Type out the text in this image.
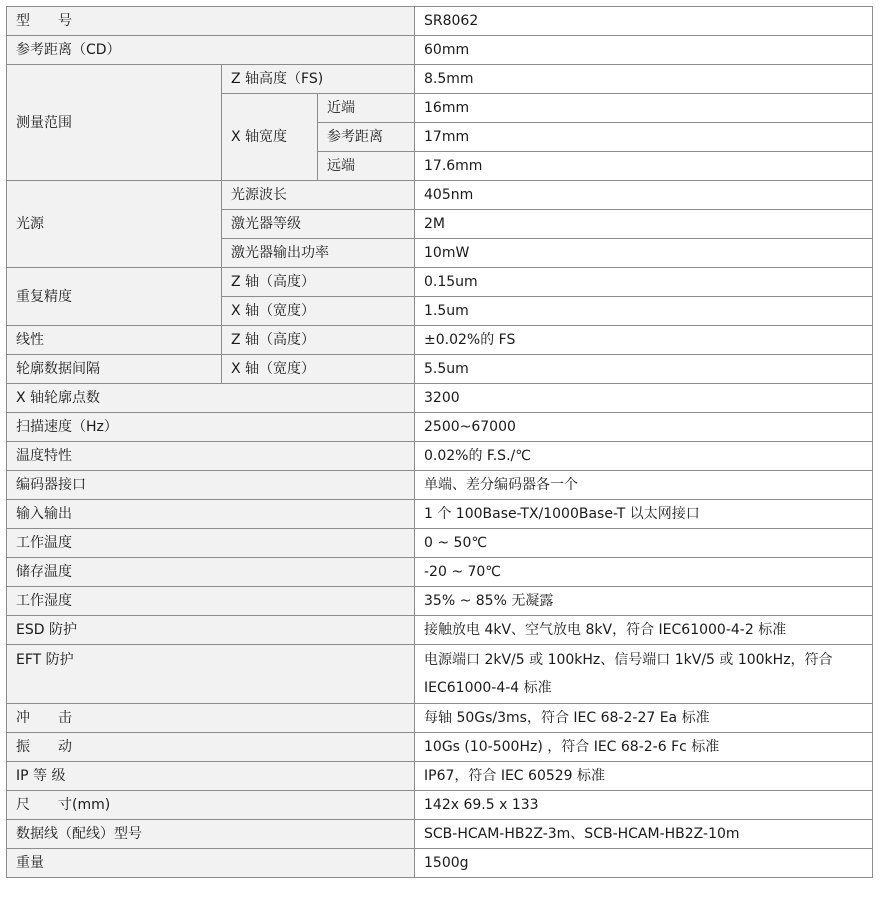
型　　号			SR8062
参考距离（CD）			60mm
测量范围	Z 轴高度（FS)		8.5mm
	X 轴宽度	近端	16mm
		参考距离	17mm
		远端	17.6mm
光源	光源波长		405nm
	激光器等级		2M
	激光器输出功率		10mW
重复精度	Z 轴（高度）		0.15um
	X 轴（宽度）		1.5um
线性	Z 轴（高度）		±0.02%的 FS
轮廓数据间隔	X 轴（宽度）		5.5um
X 轴轮廓点数			3200
扫描速度（Hz）			2500~67000
温度特性			0.02%的 F.S./℃
编码器接口			单端、差分编码器各一个
输入输出			1 个 100Base-TX/1000Base-T 以太网接口
工作温度			0 ~ 50℃
储存温度			-20 ~ 70℃
工作湿度			35% ~ 85% 无凝露
ESD 防护			接触放电 4kV、空气放电 8kV，符合 IEC61000-4-2 标准
EFT 防护			电源端口 2kV/5 或 100kHz、信号端口 1kV/5 或 100kHz，符合 IEC61000-4-4 标准
冲　　击			每轴 50Gs/3ms，符合 IEC 68-2-27 Ea 标准
振　　动			10Gs (10-500Hz) ，符合 IEC 68-2-6 Fc 标准
IP 等 级			IP67，符合 IEC 60529 标准
尺　　寸(mm)			142x 69.5 x 133
数据线（配线）型号			SCB-HCAM-HB2Z-3m、SCB-HCAM-HB2Z-10m
重量			1500g
